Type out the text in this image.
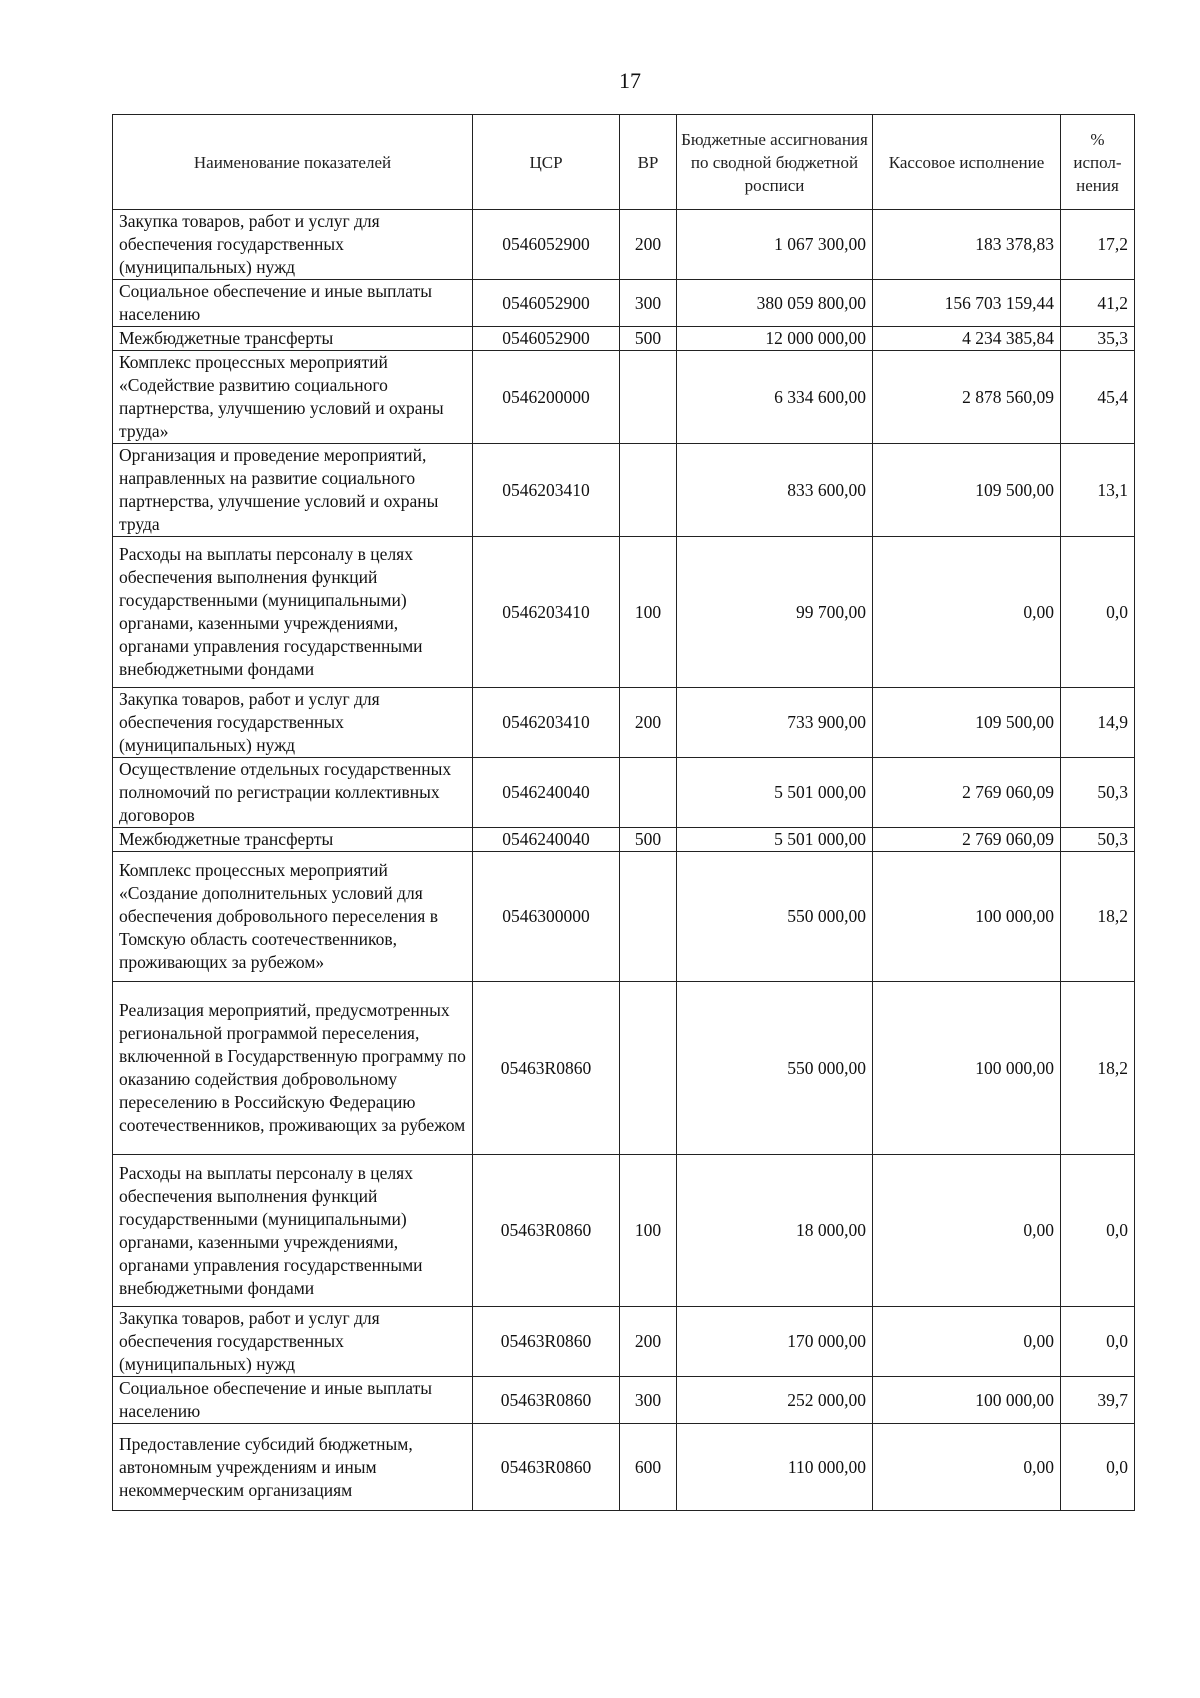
17
Наименование показателей	ЦСР	ВР	Бюджетные ассигнования по сводной бюджетной росписи	Кассовое исполнение	% испол-нения
Закупка товаров, работ и услуг для обеспечения государственных (муниципальных) нужд	0546052900	200	1 067 300,00	183 378,83	17,2
Социальное обеспечение и иные выплаты населению	0546052900	300	380 059 800,00	156 703 159,44	41,2
Межбюджетные трансферты	0546052900	500	12 000 000,00	4 234 385,84	35,3
Комплекс процессных мероприятий «Содействие развитию социального партнерства, улучшению условий и охраны труда»	0546200000		6 334 600,00	2 878 560,09	45,4
Организация и проведение мероприятий, направленных на развитие социального партнерства, улучшение условий и охраны труда	0546203410		833 600,00	109 500,00	13,1
Расходы на выплаты персоналу в целях обеспечения выполнения функций государственными (муниципальными) органами, казенными учреждениями, органами управления государственными внебюджетными фондами	0546203410	100	99 700,00	0,00	0,0
Закупка товаров, работ и услуг для обеспечения государственных (муниципальных) нужд	0546203410	200	733 900,00	109 500,00	14,9
Осуществление отдельных государственных полномочий по регистрации коллективных договоров	0546240040		5 501 000,00	2 769 060,09	50,3
Межбюджетные трансферты	0546240040	500	5 501 000,00	2 769 060,09	50,3
Комплекс процессных мероприятий «Создание дополнительных условий для обеспечения добровольного переселения в Томскую область соотечественников, проживающих за рубежом»	0546300000		550 000,00	100 000,00	18,2
Реализация мероприятий, предусмотренных региональной программой переселения, включенной в Государственную программу по оказанию содействия добровольному переселению в Российскую Федерацию соотечественников, проживающих за рубежом	05463R0860		550 000,00	100 000,00	18,2
Расходы на выплаты персоналу в целях обеспечения выполнения функций государственными (муниципальными) органами, казенными учреждениями, органами управления государственными внебюджетными фондами	05463R0860	100	18 000,00	0,00	0,0
Закупка товаров, работ и услуг для обеспечения государственных (муниципальных) нужд	05463R0860	200	170 000,00	0,00	0,0
Социальное обеспечение и иные выплаты населению	05463R0860	300	252 000,00	100 000,00	39,7
Предоставление субсидий бюджетным, автономным учреждениям и иным некоммерческим организациям	05463R0860	600	110 000,00	0,00	0,0
